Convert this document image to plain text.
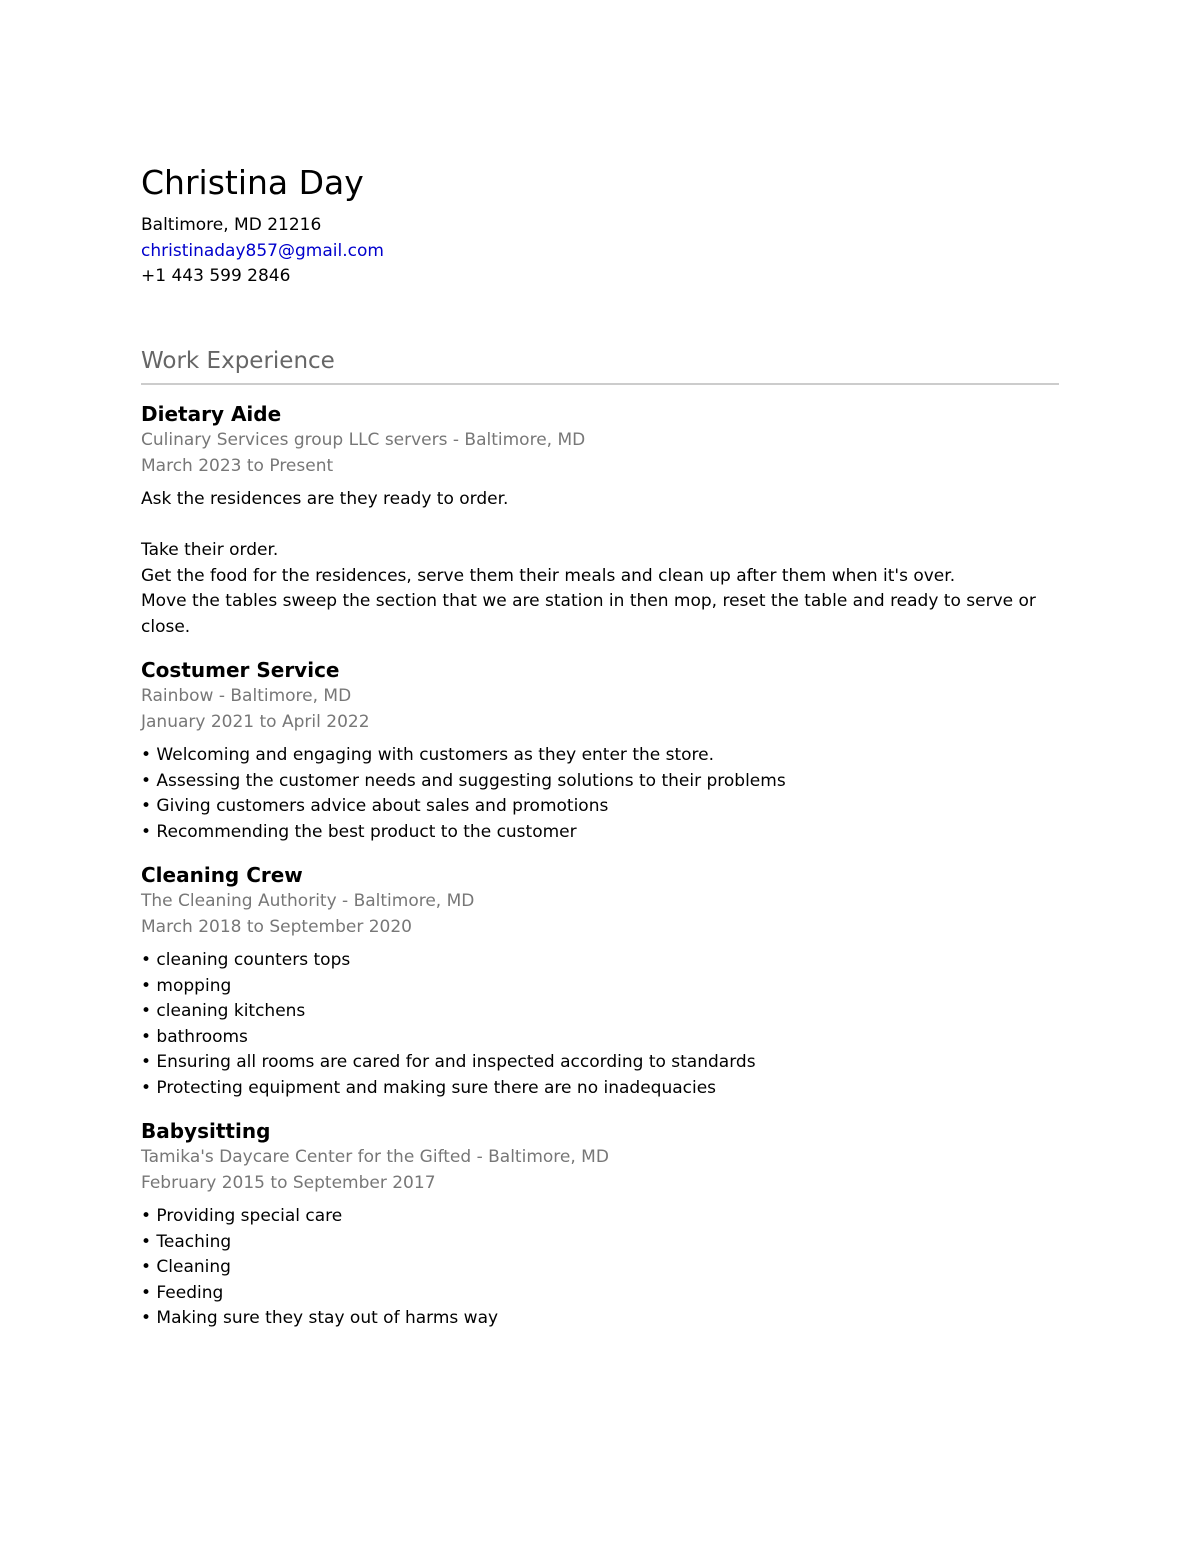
Christina Day
Baltimore, MD 21216
christinaday857@gmail.com
+1 443 599 2846
Work Experience
Dietary Aide
Culinary Services group LLC servers - Baltimore, MD
March 2023 to Present
Ask the residences are they ready to order.
Take their order.
Get the food for the residences, serve them their meals and clean up after them when it's over.
Move the tables sweep the section that we are station in then mop, reset the table and ready to serve or close.
Costumer Service
Rainbow - Baltimore, MD
January 2021 to April 2022
• Welcoming and engaging with customers as they enter the store.
• Assessing the customer needs and suggesting solutions to their problems
• Giving customers advice about sales and promotions
• Recommending the best product to the customer
Cleaning Crew
The Cleaning Authority - Baltimore, MD
March 2018 to September 2020
• cleaning counters tops
• mopping
• cleaning kitchens
• bathrooms
• Ensuring all rooms are cared for and inspected according to standards
• Protecting equipment and making sure there are no inadequacies
Babysitting
Tamika's Daycare Center for the Gifted - Baltimore, MD
February 2015 to September 2017
• Providing special care
• Teaching
• Cleaning
• Feeding
• Making sure they stay out of harms way
